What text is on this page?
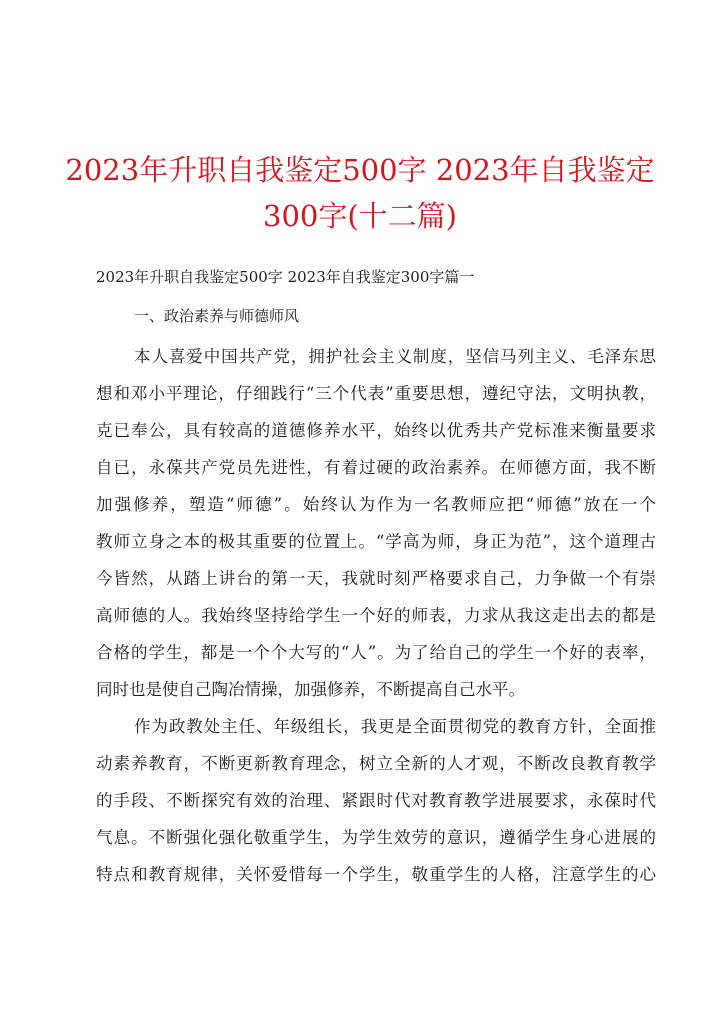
2023年升职自我鉴定500字 2023年自我鉴定
300字(十二篇)

2023年升职自我鉴定500字 2023年自我鉴定300字篇一

一、政治素养与师德师风

本人喜爱中国共产党，拥护社会主义制度，坚信马列主义、毛泽东思
想和邓小平理论，仔细践行“三个代表”重要思想，遵纪守法，文明执教，
克已奉公，具有较高的道德修养水平，始终以优秀共产党标准来衡量要求
自已，永葆共产党员先进性，有着过硬的政治素养。在师德方面，我不断
加强修养，塑造“师德”。始终认为作为一名教师应把“师德”放在一个
教师立身之本的极其重要的位置上。“学高为师，身正为范”，这个道理古
今皆然，从踏上讲台的第一天，我就时刻严格要求自己，力争做一个有崇
高师德的人。我始终坚持给学生一个好的师表，力求从我这走出去的都是
合格的学生，都是一个个大写的“人”。为了给自己的学生一个好的表率，
同时也是使自己陶冶情操，加强修养，不断提高自己水平。
作为政教处主任、年级组长，我更是全面贯彻党的教育方针，全面推
动素养教育，不断更新教育理念，树立全新的人才观，不断改良教育教学
的手段、不断探究有效的治理、紧跟时代对教育教学进展要求，永葆时代
气息。不断强化强化敬重学生，为学生效劳的意识，遵循学生身心进展的
特点和教育规律，关怀爱惜每一个学生，敬重学生的人格，注意学生的心
